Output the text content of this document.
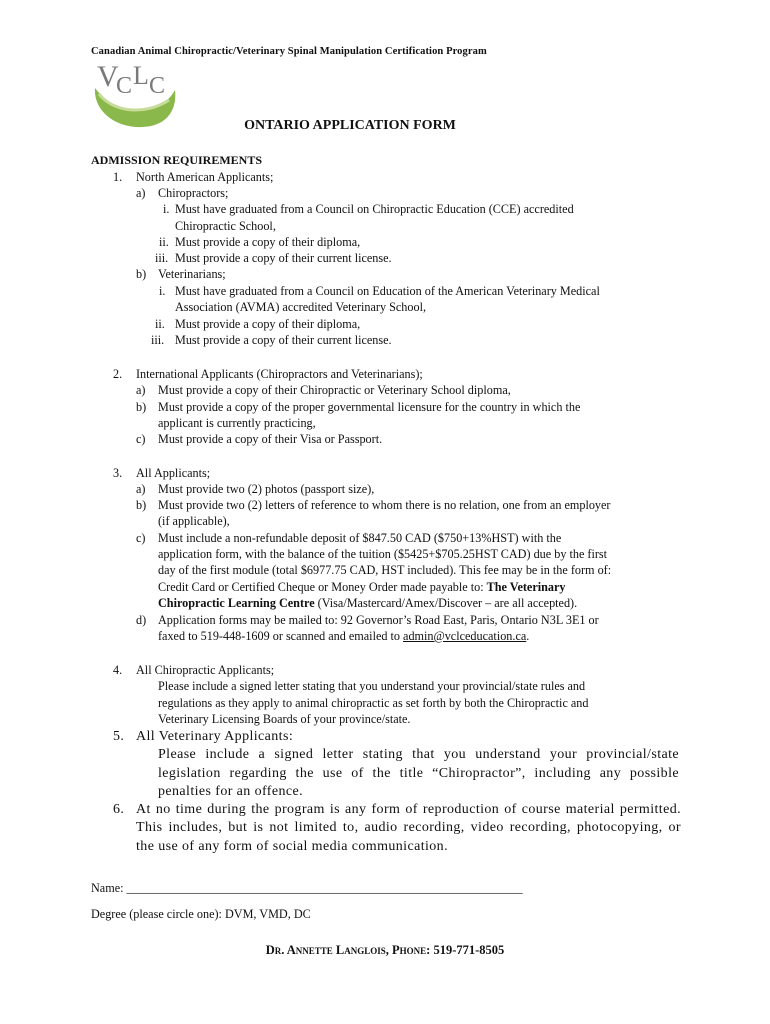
Canadian Animal Chiropractic/Veterinary Spinal Manipulation Certification Program
V
C L C
ONTARIO APPLICATION FORM
ADMISSION REQUIREMENTS
1. North American Applicants;
a) Chiropractors;
i. Must have graduated from a Council on Chiropractic Education (CCE) accredited
Chiropractic School,
ii. Must provide a copy of their diploma,
iii. Must provide a copy of their current license.
b) Veterinarians;
i. Must have graduated from a Council on Education of the American Veterinary Medical
Association (AVMA) accredited Veterinary School,
ii. Must provide a copy of their diploma,
iii. Must provide a copy of their current license.
2. International Applicants (Chiropractors and Veterinarians);
a) Must provide a copy of their Chiropractic or Veterinary School diploma,
b) Must provide a copy of the proper governmental licensure for the country in which the
applicant is currently practicing,
c) Must provide a copy of their Visa or Passport.
3. All Applicants;
a) Must provide two (2) photos (passport size),
b) Must provide two (2) letters of reference to whom there is no relation, one from an employer
(if applicable),
c) Must include a non-refundable deposit of $847.50 CAD ($750+13%HST) with the
application form, with the balance of the tuition ($5425+$705.25HST CAD) due by the first
day of the first module (total $6977.75 CAD, HST included). This fee may be in the form of:
Credit Card or Certified Cheque or Money Order made payable to: The Veterinary
Chiropractic Learning Centre (Visa/Mastercard/Amex/Discover – are all accepted).
d) Application forms may be mailed to: 92 Governor’s Road East, Paris, Ontario N3L 3E1 or
faxed to 519-448-1609 or scanned and emailed to admin@vclceducation.ca.
4. All Chiropractic Applicants;
Please include a signed letter stating that you understand your provincial/state rules and
regulations as they apply to animal chiropractic as set forth by both the Chiropractic and
Veterinary Licensing Boards of your province/state.
5. All Veterinary Applicants:
Please include a signed letter stating that you understand your provincial/state
legislation regarding the use of the title “Chiropractor”, including any possible
penalties for an offence.
6. At no time during the program is any form of reproduction of course material permitted.
This includes, but is not limited to, audio recording, video recording, photocopying, or
the use of any form of social media communication.
Name: _________________________________________________________________
Degree (please circle one): DVM, VMD, DC
Dr. Annette Langlois, Phone: 519-771-8505
